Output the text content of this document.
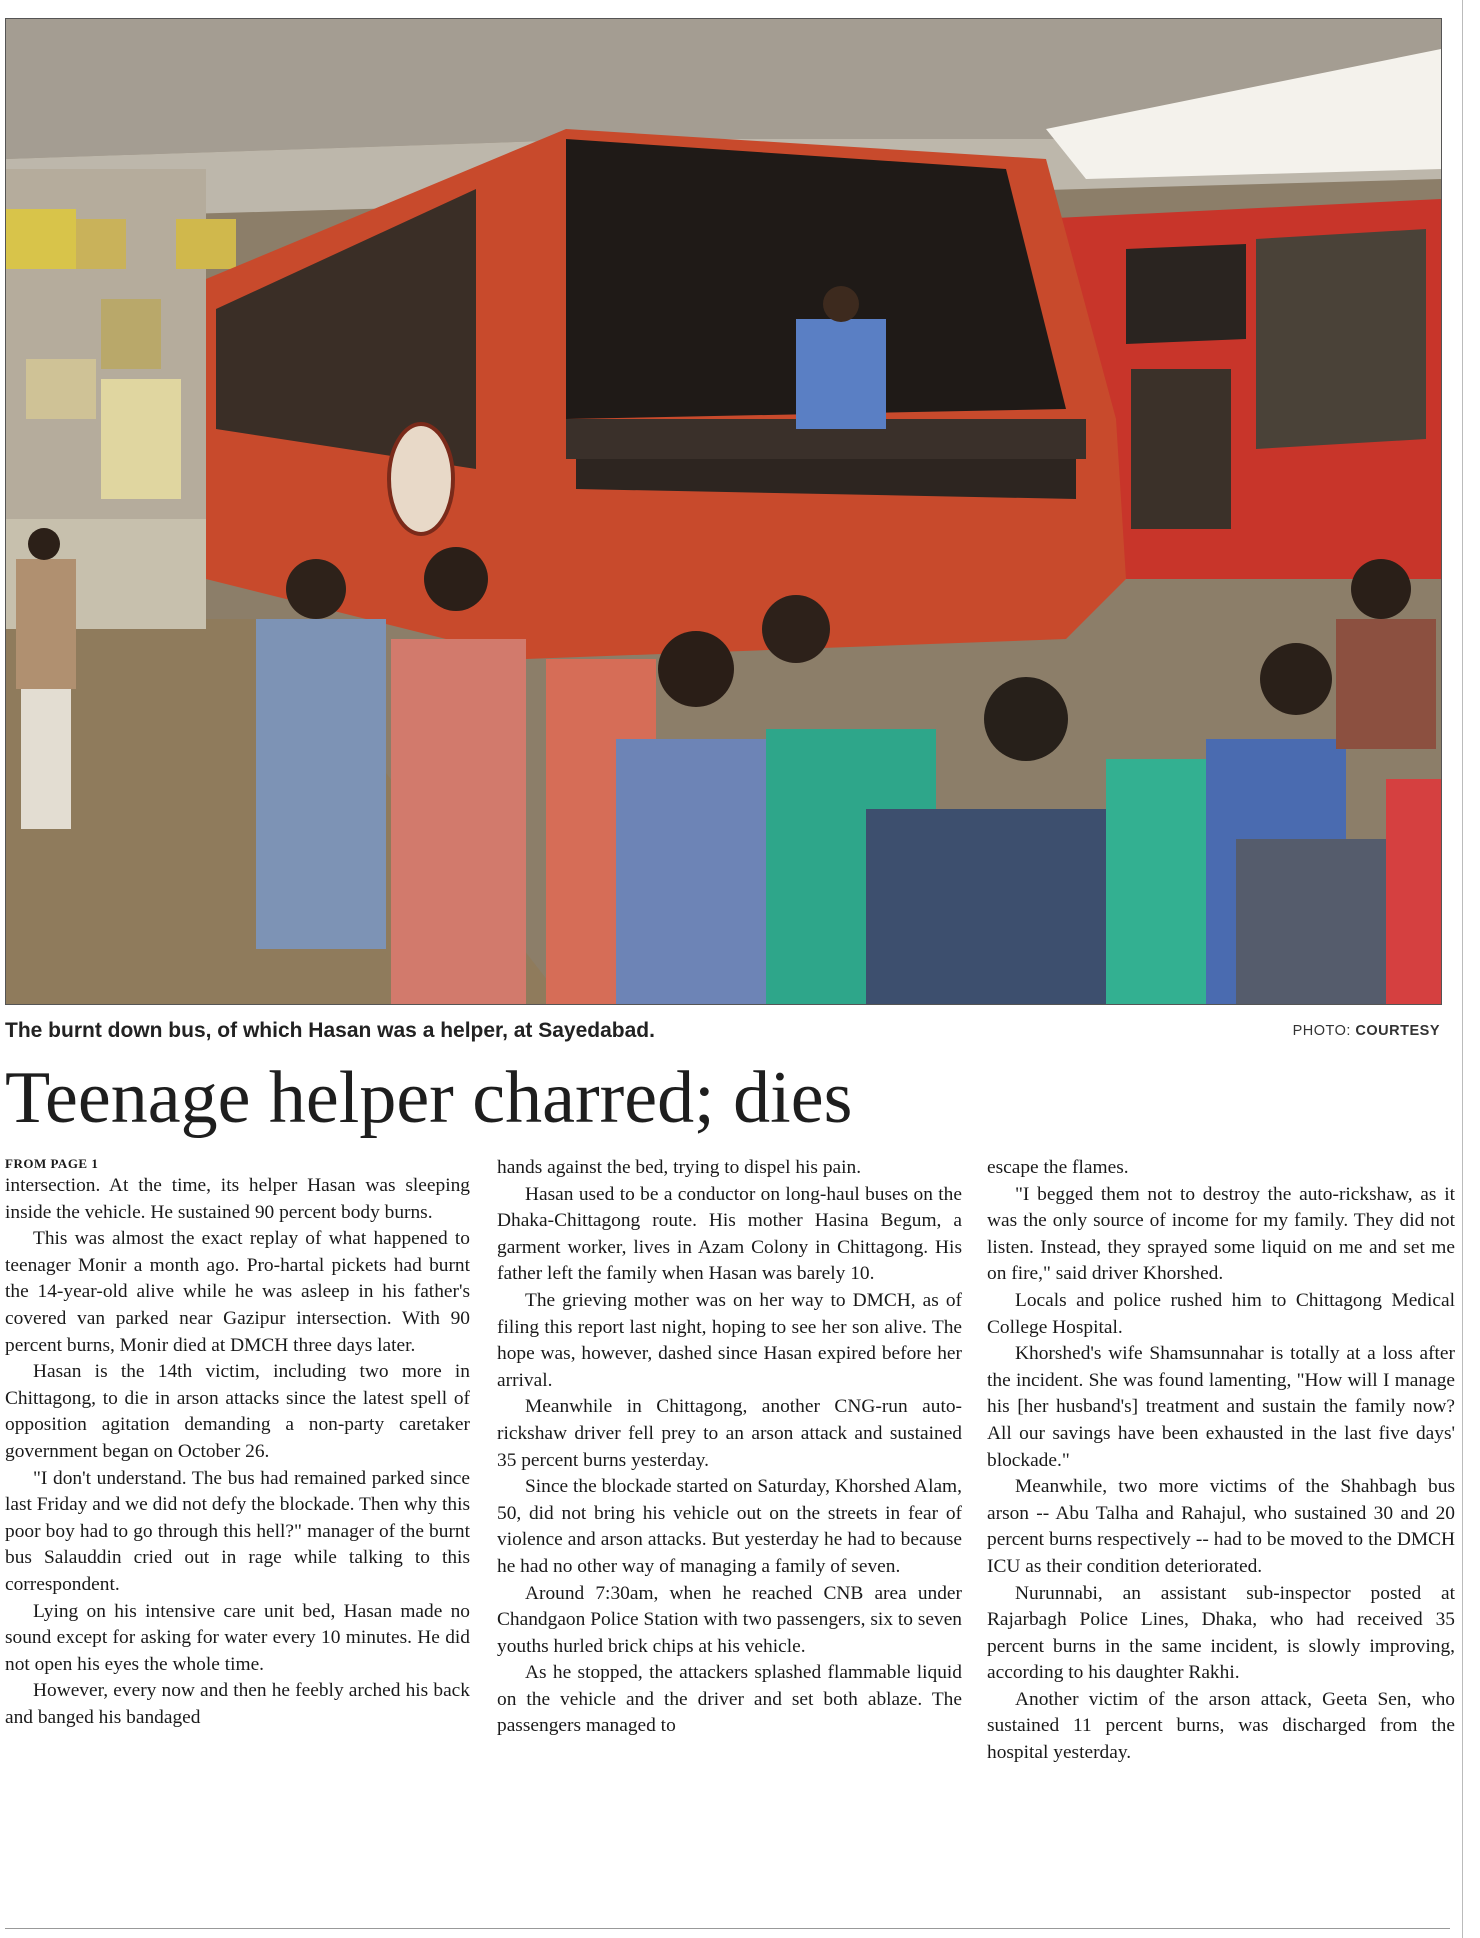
The burnt down bus, of which Hasan was a helper, at Sayedabad.	PHOTO: COURTESY
Teenage helper charred; dies
FROM PAGE 1

intersection. At the time, its helper Hasan was sleeping inside the vehicle. He sustained 90 percent body burns.

This was almost the exact replay of what happened to teenager Monir a month ago. Pro-hartal pickets had burnt the 14-year-old alive while he was asleep in his father's covered van parked near Gazipur intersection. With 90 percent burns, Monir died at DMCH three days later.

Hasan is the 14th victim, including two more in Chittagong, to die in arson attacks since the latest spell of opposition agitation demanding a non-party caretaker government began on October 26.

"I don't understand. The bus had remained parked since last Friday and we did not defy the blockade. Then why this poor boy had to go through this hell?" manager of the burnt bus Salauddin cried out in rage while talking to this correspondent.

Lying on his intensive care unit bed, Hasan made no sound except for asking for water every 10 minutes. He did not open his eyes the whole time.

However, every now and then he feebly arched his back and banged his bandaged

hands against the bed, trying to dispel his pain.

Hasan used to be a conductor on long-haul buses on the Dhaka-Chittagong route. His mother Hasina Begum, a garment worker, lives in Azam Colony in Chittagong. His father left the family when Hasan was barely 10.

The grieving mother was on her way to DMCH, as of filing this report last night, hoping to see her son alive. The hope was, however, dashed since Hasan expired before her arrival.

Meanwhile in Chittagong, another CNG-run auto-rickshaw driver fell prey to an arson attack and sustained 35 percent burns yesterday.

Since the blockade started on Saturday, Khorshed Alam, 50, did not bring his vehicle out on the streets in fear of violence and arson attacks. But yesterday he had to because he had no other way of managing a family of seven.

Around 7:30am, when he reached CNB area under Chandgaon Police Station with two passengers, six to seven youths hurled brick chips at his vehicle.

As he stopped, the attackers splashed flammable liquid on the vehicle and the driver and set both ablaze. The passengers managed to

escape the flames.

"I begged them not to destroy the auto-rickshaw, as it was the only source of income for my family. They did not listen. Instead, they sprayed some liquid on me and set me on fire," said driver Khorshed.

Locals and police rushed him to Chittagong Medical College Hospital.

Khorshed's wife Shamsunnahar is totally at a loss after the incident. She was found lamenting, "How will I manage his [her husband's] treatment and sustain the family now? All our savings have been exhausted in the last five days' blockade."

Meanwhile, two more victims of the Shahbagh bus arson -- Abu Talha and Rahajul, who sustained 30 and 20 percent burns respectively -- had to be moved to the DMCH ICU as their condition deteriorated.

Nurunnabi, an assistant sub-inspector posted at Rajarbagh Police Lines, Dhaka, who had received 35 percent burns in the same incident, is slowly improving, according to his daughter Rakhi.

Another victim of the arson attack, Geeta Sen, who sustained 11 percent burns, was discharged from the hospital yesterday.
